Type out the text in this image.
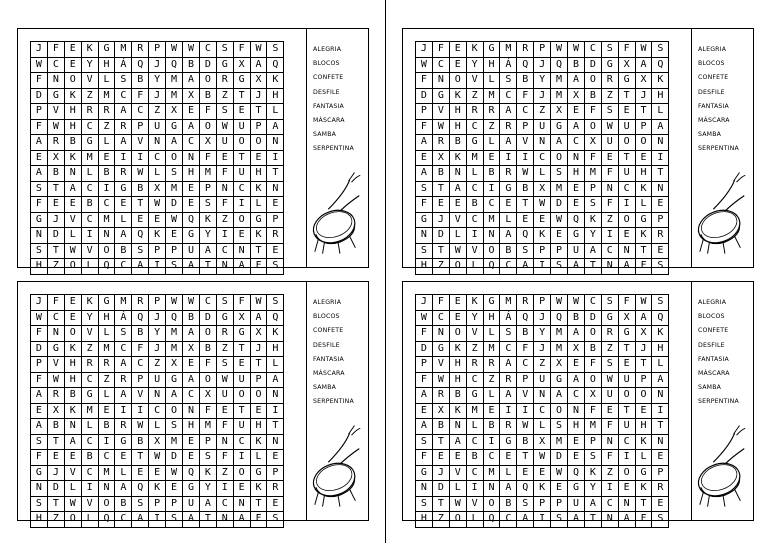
J	F	E	K	G	M	R	P	W	W	C	S	F	W	S
W	C	E	Y	H	Á	Q	J	Q	B	D	G	X	A	Q
F	N	O	V	L	S	B	Y	M	A	O	R	G	X	K
D	G	K	Z	M	C	F	J	M	X	B	Z	T	J	H
P	V	H	R	R	A	C	Z	X	E	F	S	E	T	L
F	W	H	C	Z	R	P	U	G	A	O	W	U	P	A
A	R	B	G	L	A	V	N	A	C	X	U	O	O	N
E	X	K	M	E	I	I	C	O	N	F	E	T	E	I
A	B	N	L	B	R	W	L	S	H	M	F	U	H	T
S	T	A	C	I	G	B	X	M	E	P	N	C	K	N
F	E	E	B	C	E	T	W	D	E	S	F	I	L	E
G	J	V	C	M	L	E	E	W	Q	K	Z	O	G	P
N	D	L	I	N	A	Q	K	E	G	Y	I	E	K	R
S	T	W	V	O	B	S	P	P	U	A	C	N	T	E
H	Z	O	L	Q	C	A	I	S	A	T	N	A	F	S
ALEGRIA
BLOCOS
CONFETE
DESFILE
FANTASIA
MÁSCARA
SAMBA
SERPENTINA
J	F	E	K	G	M	R	P	W	W	C	S	F	W	S
W	C	E	Y	H	Á	Q	J	Q	B	D	G	X	A	Q
F	N	O	V	L	S	B	Y	M	A	O	R	G	X	K
D	G	K	Z	M	C	F	J	M	X	B	Z	T	J	H
P	V	H	R	R	A	C	Z	X	E	F	S	E	T	L
F	W	H	C	Z	R	P	U	G	A	O	W	U	P	A
A	R	B	G	L	A	V	N	A	C	X	U	O	O	N
E	X	K	M	E	I	I	C	O	N	F	E	T	E	I
A	B	N	L	B	R	W	L	S	H	M	F	U	H	T
S	T	A	C	I	G	B	X	M	E	P	N	C	K	N
F	E	E	B	C	E	T	W	D	E	S	F	I	L	E
G	J	V	C	M	L	E	E	W	Q	K	Z	O	G	P
N	D	L	I	N	A	Q	K	E	G	Y	I	E	K	R
S	T	W	V	O	B	S	P	P	U	A	C	N	T	E
H	Z	O	L	Q	C	A	I	S	A	T	N	A	F	S
ALEGRIA
BLOCOS
CONFETE
DESFILE
FANTASIA
MÁSCARA
SAMBA
SERPENTINA
J	F	E	K	G	M	R	P	W	W	C	S	F	W	S
W	C	E	Y	H	Á	Q	J	Q	B	D	G	X	A	Q
F	N	O	V	L	S	B	Y	M	A	O	R	G	X	K
D	G	K	Z	M	C	F	J	M	X	B	Z	T	J	H
P	V	H	R	R	A	C	Z	X	E	F	S	E	T	L
F	W	H	C	Z	R	P	U	G	A	O	W	U	P	A
A	R	B	G	L	A	V	N	A	C	X	U	O	O	N
E	X	K	M	E	I	I	C	O	N	F	E	T	E	I
A	B	N	L	B	R	W	L	S	H	M	F	U	H	T
S	T	A	C	I	G	B	X	M	E	P	N	C	K	N
F	E	E	B	C	E	T	W	D	E	S	F	I	L	E
G	J	V	C	M	L	E	E	W	Q	K	Z	O	G	P
N	D	L	I	N	A	Q	K	E	G	Y	I	E	K	R
S	T	W	V	O	B	S	P	P	U	A	C	N	T	E
H	Z	O	L	Q	C	A	I	S	A	T	N	A	F	S
ALEGRIA
BLOCOS
CONFETE
DESFILE
FANTASIA
MÁSCARA
SAMBA
SERPENTINA
J	F	E	K	G	M	R	P	W	W	C	S	F	W	S
W	C	E	Y	H	Á	Q	J	Q	B	D	G	X	A	Q
F	N	O	V	L	S	B	Y	M	A	O	R	G	X	K
D	G	K	Z	M	C	F	J	M	X	B	Z	T	J	H
P	V	H	R	R	A	C	Z	X	E	F	S	E	T	L
F	W	H	C	Z	R	P	U	G	A	O	W	U	P	A
A	R	B	G	L	A	V	N	A	C	X	U	O	O	N
E	X	K	M	E	I	I	C	O	N	F	E	T	E	I
A	B	N	L	B	R	W	L	S	H	M	F	U	H	T
S	T	A	C	I	G	B	X	M	E	P	N	C	K	N
F	E	E	B	C	E	T	W	D	E	S	F	I	L	E
G	J	V	C	M	L	E	E	W	Q	K	Z	O	G	P
N	D	L	I	N	A	Q	K	E	G	Y	I	E	K	R
S	T	W	V	O	B	S	P	P	U	A	C	N	T	E
H	Z	O	L	Q	C	A	I	S	A	T	N	A	F	S
ALEGRIA
BLOCOS
CONFETE
DESFILE
FANTASIA
MÁSCARA
SAMBA
SERPENTINA
